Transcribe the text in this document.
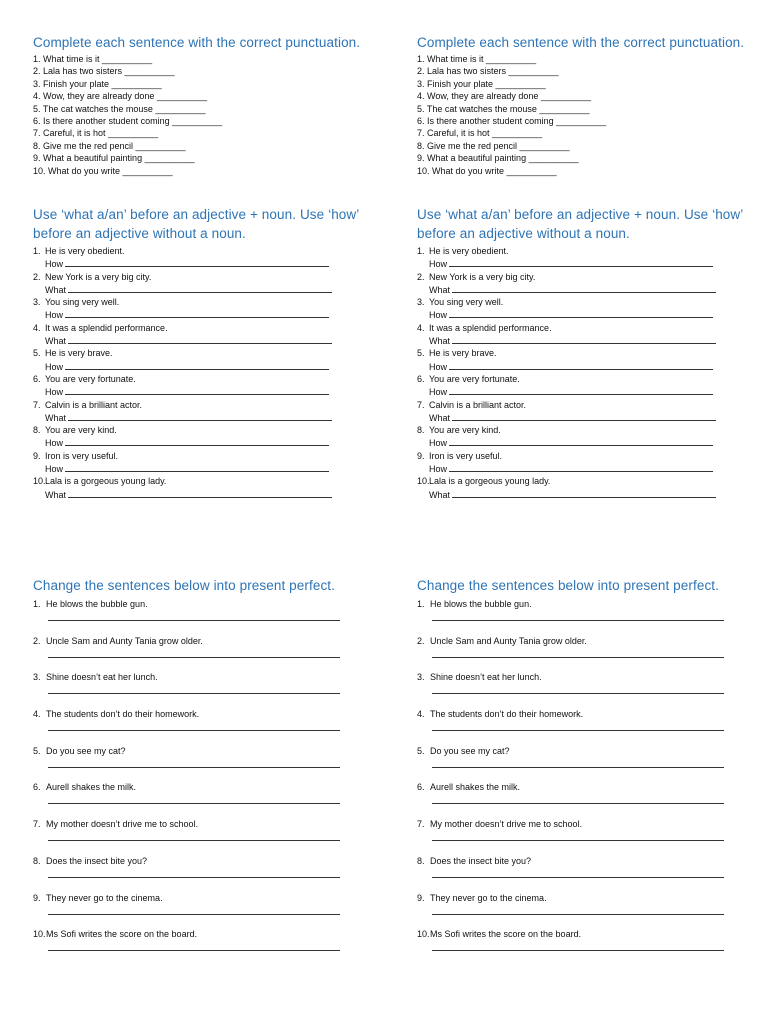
Complete each sentence with the correct punctuation.

1. What time is it __________
2. Lala has two sisters __________
3. Finish your plate __________
4. Wow, they are already done __________
5. The cat watches the mouse __________
6. Is there another student coming __________
7. Careful, it is hot __________
8. Give me the red pencil __________
9. What a beautiful painting __________
10. What do you write __________

Use ‘what a/an’ before an adjective + noun. Use ‘how’ before an adjective without a noun.

1. He is very obedient.
How
2. New York is a very big city.
What
3. You sing very well.
How
4. It was a splendid performance.
What
5. He is very brave.
How
6. You are very fortunate.
How
7. Calvin is a brilliant actor.
What
8. You are very kind.
How
9. Iron is very useful.
How
10.Lala is a gorgeous young lady.
What

Change the sentences below into present perfect.

1. He blows the bubble gun.
2. Uncle Sam and Aunty Tania grow older.
3. Shine doesn’t eat her lunch.
4. The students don’t do their homework.
5. Do you see my cat?
6. Aurell shakes the milk.
7. My mother doesn’t drive me to school.
8. Does the insect bite you?
9. They never go to the cinema.
10.Ms Sofi writes the score on the board.

Complete each sentence with the correct punctuation.

1. What time is it __________
2. Lala has two sisters __________
3. Finish your plate __________
4. Wow, they are already done __________
5. The cat watches the mouse __________
6. Is there another student coming __________
7. Careful, it is hot __________
8. Give me the red pencil __________
9. What a beautiful painting __________
10. What do you write __________

Use ‘what a/an’ before an adjective + noun. Use ‘how’ before an adjective without a noun.

1. He is very obedient.
How
2. New York is a very big city.
What
3. You sing very well.
How
4. It was a splendid performance.
What
5. He is very brave.
How
6. You are very fortunate.
How
7. Calvin is a brilliant actor.
What
8. You are very kind.
How
9. Iron is very useful.
How
10.Lala is a gorgeous young lady.
What

Change the sentences below into present perfect.

1. He blows the bubble gun.
2. Uncle Sam and Aunty Tania grow older.
3. Shine doesn’t eat her lunch.
4. The students don’t do their homework.
5. Do you see my cat?
6. Aurell shakes the milk.
7. My mother doesn’t drive me to school.
8. Does the insect bite you?
9. They never go to the cinema.
10.Ms Sofi writes the score on the board.
